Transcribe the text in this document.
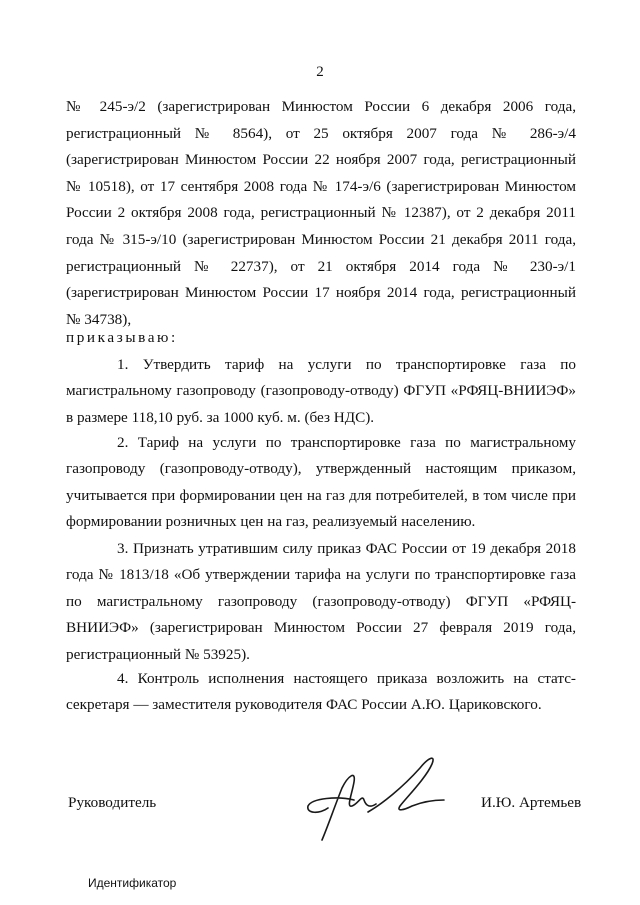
2
№ 245-э/2 (зарегистрирован Минюстом России 6 декабря 2006 года, регистрационный № 8564), от 25 октября 2007 года № 286-э/4 (зарегистрирован Минюстом России 22 ноября 2007 года, регистрационный № 10518), от 17 сентября 2008 года № 174-э/6 (зарегистрирован Минюстом России 2 октября 2008 года, регистрационный № 12387), от 2 декабря 2011 года № 315-э/10 (зарегистрирован Минюстом России 21 декабря 2011 года, регистрационный № 22737), от 21 октября 2014 года № 230-э/1 (зарегистрирован Минюстом России 17 ноября 2014 года, регистрационный № 34738),
приказываю:
1. Утвердить тариф на услуги по транспортировке газа по магистральному газопроводу (газопроводу-отводу) ФГУП «РФЯЦ-ВНИИЭФ» в размере 118,10 руб. за 1000 куб. м. (без НДС).
2. Тариф на услуги по транспортировке газа по магистральному газопроводу (газопроводу-отводу), утвержденный настоящим приказом, учитывается при формировании цен на газ для потребителей, в том числе при формировании розничных цен на газ, реализуемый населению.
3. Признать утратившим силу приказ ФАС России от 19 декабря 2018 года № 1813/18 «Об утверждении тарифа на услуги по транспортировке газа по магистральному газопроводу (газопроводу-отводу) ФГУП «РФЯЦ-ВНИИЭФ» (зарегистрирован Минюстом России 27 февраля 2019 года, регистрационный № 53925).
4. Контроль исполнения настоящего приказа возложить на статс-секретаря — заместителя руководителя ФАС России А.Ю. Цариковского.
Руководитель	И.Ю. Артемьев
Идентификатор
